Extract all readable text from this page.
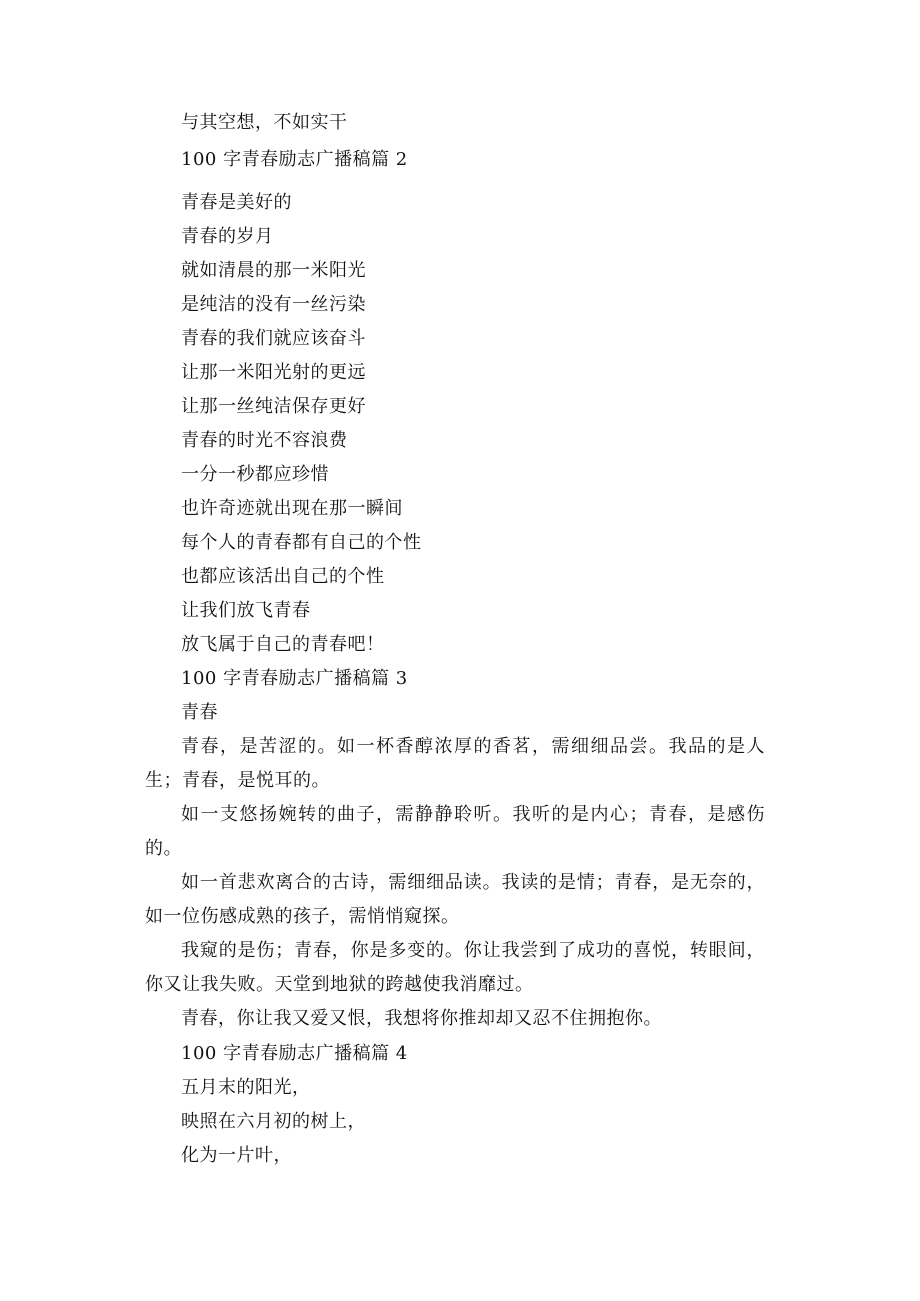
与其空想，不如实干
100 字青春励志广播稿篇 2
青春是美好的
青春的岁月
就如清晨的那一米阳光
是纯洁的没有一丝污染
青春的我们就应该奋斗
让那一米阳光射的更远
让那一丝纯洁保存更好
青春的时光不容浪费
一分一秒都应珍惜
也许奇迹就出现在那一瞬间
每个人的青春都有自己的个性
也都应该活出自己的个性
让我们放飞青春
放飞属于自己的青春吧！
100 字青春励志广播稿篇 3
青春
青春，是苦涩的。如一杯香醇浓厚的香茗，需细细品尝。我品的是人生；青春，是悦耳的。
如一支悠扬婉转的曲子，需静静聆听。我听的是内心；青春，是感伤的。
如一首悲欢离合的古诗，需细细品读。我读的是情；青春，是无奈的，如一位伤感成熟的孩子，需悄悄窥探。
我窥的是伤；青春，你是多变的。你让我尝到了成功的喜悦，转眼间，你又让我失败。天堂到地狱的跨越使我消靡过。
青春，你让我又爱又恨，我想将你推却却又忍不住拥抱你。
100 字青春励志广播稿篇 4
五月末的阳光，
映照在六月初的树上，
化为一片叶，
